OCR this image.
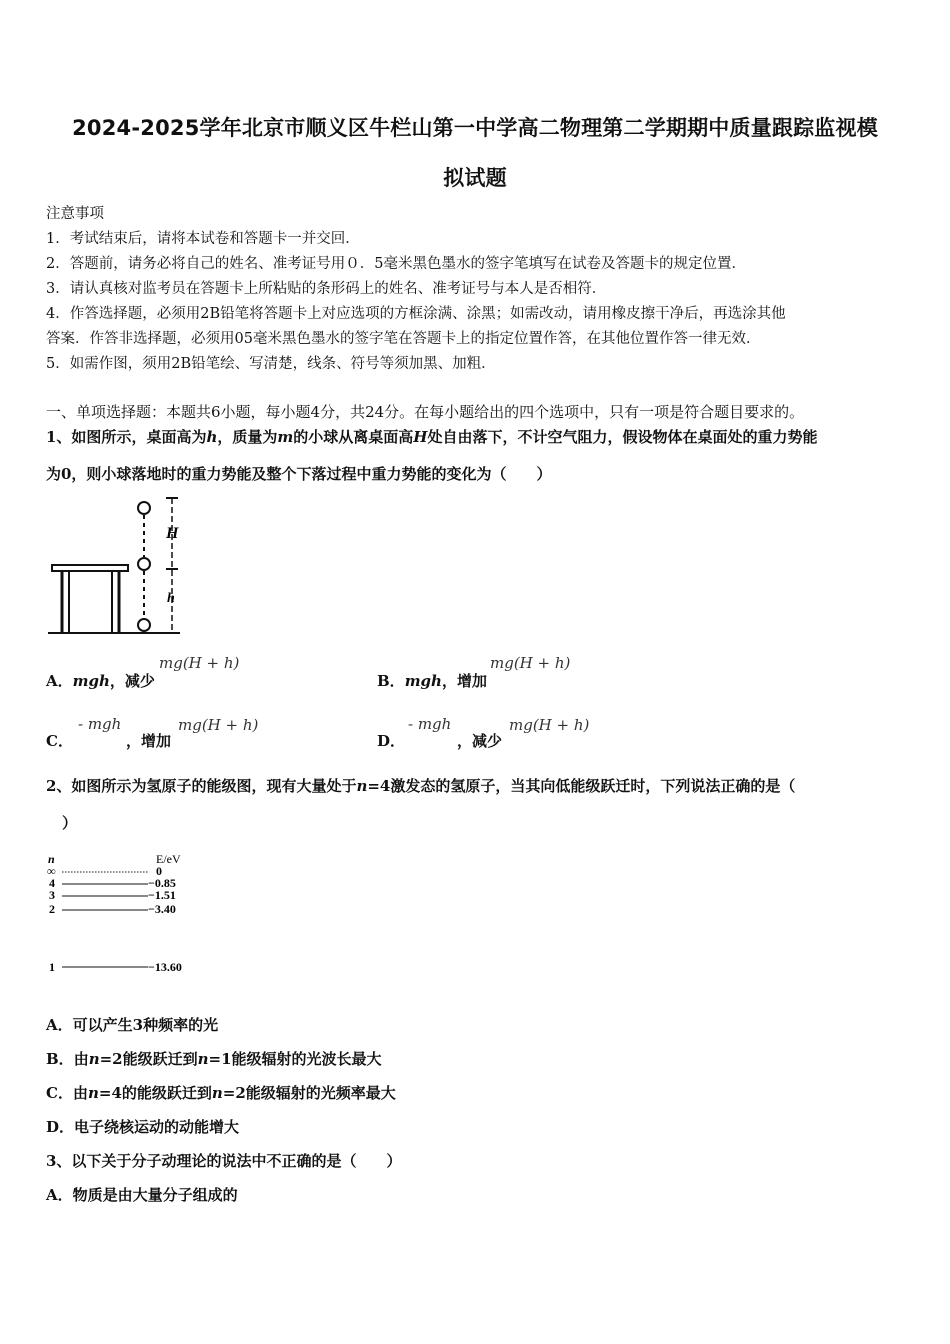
2024-2025学年北京市顺义区牛栏山第一中学高二物理第二学期期中质量跟踪监视模
拟试题
注意事项
1．考试结束后，请将本试卷和答题卡一并交回．
2．答题前，请务必将自己的姓名、准考证号用０．5毫米黑色墨水的签字笔填写在试卷及答题卡的规定位置．
3．请认真核对监考员在答题卡上所粘贴的条形码上的姓名、准考证号与本人是否相符．
4．作答选择题，必须用2B铅笔将答题卡上对应选项的方框涂满、涂黑；如需改动，请用橡皮擦干净后，再选涂其他
答案．作答非选择题，必须用05毫米黑色墨水的签字笔在答题卡上的指定位置作答，在其他位置作答一律无效．
5．如需作图，须用2B铅笔绘、写清楚，线条、符号等须加黑、加粗．
一、单项选择题：本题共6小题，每小题4分，共24分。在每小题给出的四个选项中，只有一项是符合题目要求的。
1、如图所示，桌面高为h，质量为m的小球从离桌面高H处自由落下，不计空气阻力，假设物体在桌面处的重力势能
为0，则小球落地时的重力势能及整个下落过程中重力势能的变化为（　　）
H
h
A．mgh，减少
mg(H + h)
B．mgh，增加
mg(H + h)
C．
- mgh
，增加
mg(H + h)
D．
- mgh
，减少
mg(H + h)
2、如图所示为氢原子的能级图，现有大量处于n=4激发态的氢原子，当其向低能级跃迁时，下列说法正确的是（
）
n	E/eV
∞	0
4	−0.85
3	−1.51
2	−3.40
1	−13.60
A．可以产生3种频率的光
B．由n=2能级跃迁到n=1能级辐射的光波长最大
C．由n=4的能级跃迁到n=2能级辐射的光频率最大
D．电子绕核运动的动能增大
3、以下关于分子动理论的说法中不正确的是（　　）
A．物质是由大量分子组成的
